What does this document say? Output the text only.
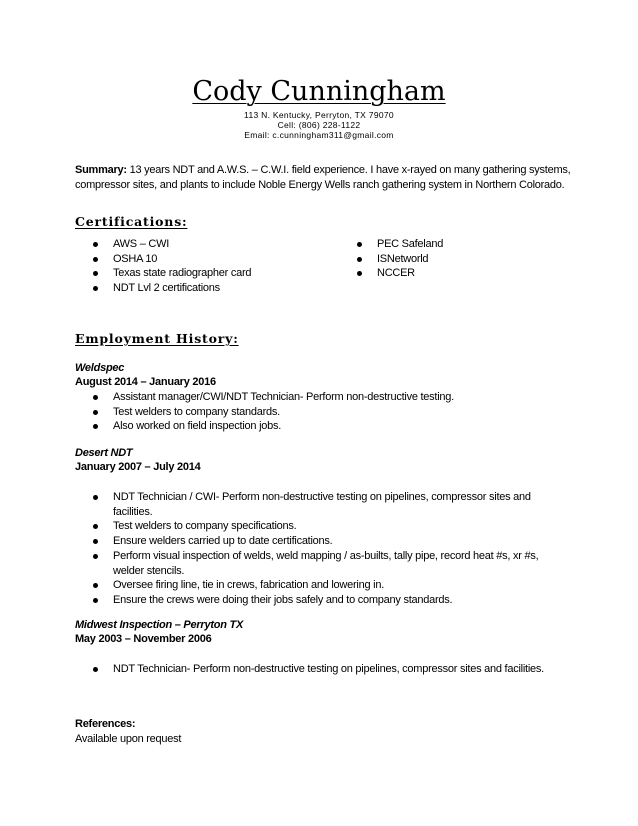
Cody Cunningham
113 N. Kentucky, Perryton, TX 79070
Cell: (806) 228-1122
Email: c.cunningham311@gmail.com
Summary: 13 years NDT and A.W.S. – C.W.I. field experience. I have x-rayed on many gathering systems, compressor sites, and plants to include Noble Energy Wells ranch gathering system in Northern Colorado.
Certifications:
AWS – CWI
OSHA 10
Texas state radiographer card
NDT Lvl 2 certifications
PEC Safeland
ISNetworld
NCCER
Employment History:
Weldspec
August 2014 – January 2016
Assistant manager/CWI/NDT Technician- Perform non-destructive testing.
Test welders to company standards.
Also worked on field inspection jobs.
Desert NDT
January 2007 – July 2014
NDT Technician / CWI- Perform non-destructive testing on pipelines, compressor sites and facilities.
Test welders to company specifications.
Ensure welders carried up to date certifications.
Perform visual inspection of welds, weld mapping / as-builts, tally pipe, record heat #s, xr #s, welder stencils.
Oversee firing line, tie in crews, fabrication and lowering in.
Ensure the crews were doing their jobs safely and to company standards.
Midwest Inspection – Perryton TX
May 2003 – November 2006
NDT Technician- Perform non-destructive testing on pipelines, compressor sites and facilities.
References:
Available upon request
